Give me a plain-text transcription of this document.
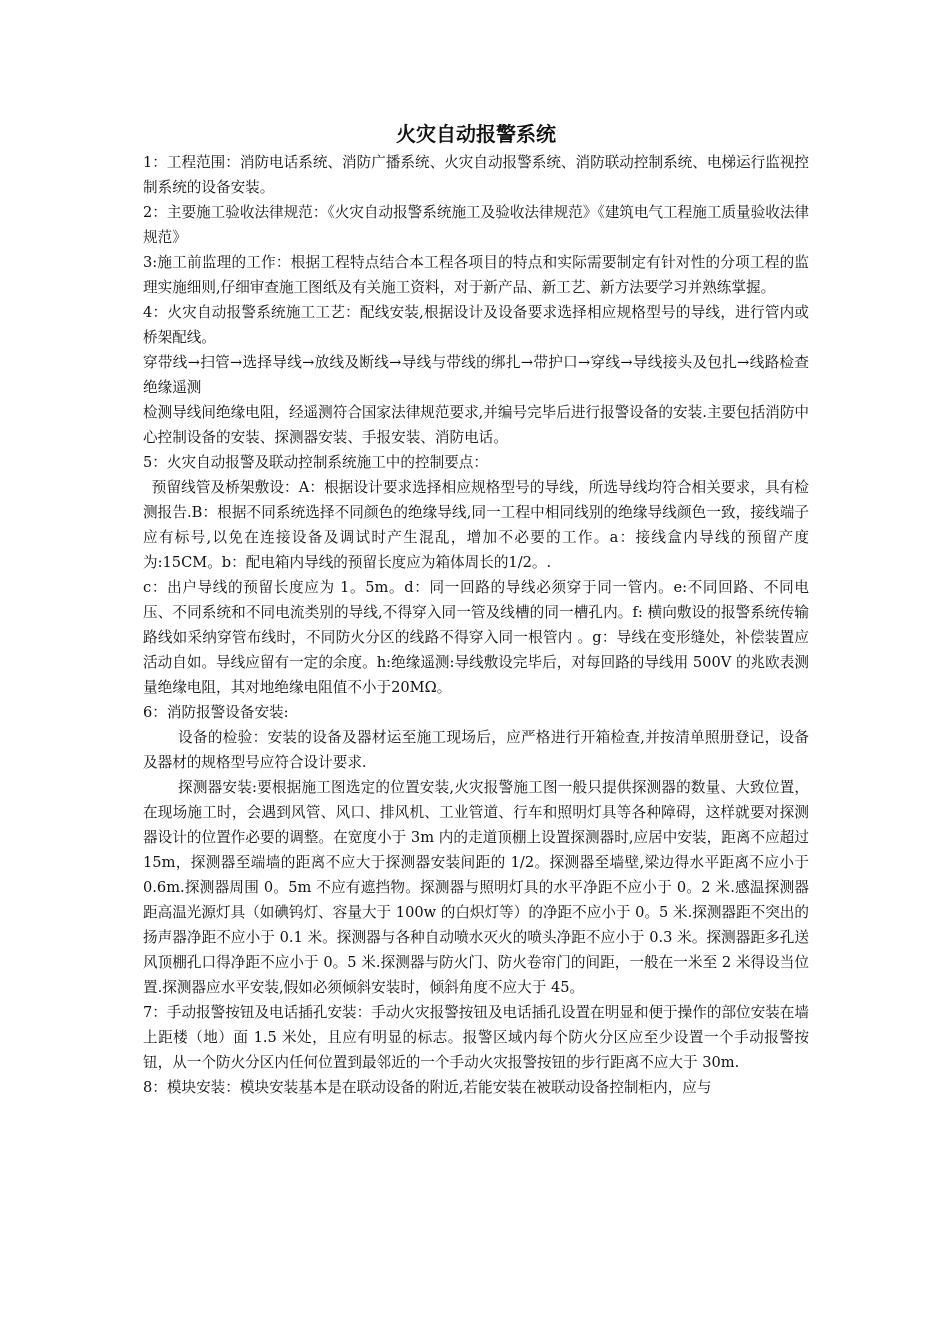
火灾自动报警系统

1：工程范围：消防电话系统、消防广播系统、火灾自动报警系统、消防联动控制系统、电梯运行监视控制系统的设备安装。

2：主要施工验收法律规范：《火灾自动报警系统施工及验收法律规范》《建筑电气工程施工质量验收法律规范》

3:施工前监理的工作：根据工程特点结合本工程各项目的特点和实际需要制定有针对性的分项工程的监理实施细则,仔细审查施工图纸及有关施工资料，对于新产品、新工艺、新方法要学习并熟练掌握。

4：火灾自动报警系统施工工艺：配线安装,根据设计及设备要求选择相应规格型号的导线，进行管内或桥架配线。

穿带线→扫管→选择导线→放线及断线→导线与带线的绑扎→带护口→穿线→导线接头及包扎→线路检查绝缘遥测

检测导线间绝缘电阻，经遥测符合国家法律规范要求,并编号完毕后进行报警设备的安装.主要包括消防中心控制设备的安装、探测器安装、手报安装、消防电话。

5：火灾自动报警及联动控制系统施工中的控制要点：

预留线管及桥架敷设：A：根据设计要求选择相应规格型号的导线，所选导线均符合相关要求，具有检测报告.B：根据不同系统选择不同颜色的绝缘导线,同一工程中相同线别的绝缘导线颜色一致，接线端子应有标号,以免在连接设备及调试时产生混乱，增加不必要的工作。a：接线盒内导线的预留产度为:15CM。b：配电箱内导线的预留长度应为箱体周长的1/2。.

c：出户导线的预留长度应为 1。5m。d：同一回路的导线必须穿于同一管内。e:不同回路、不同电压、不同系统和不同电流类别的导线,不得穿入同一管及线槽的同一槽孔内。f: 横向敷设的报警系统传输路线如采纳穿管布线时，不同防火分区的线路不得穿入同一根管内 。g：导线在变形缝处，补偿装置应活动自如。导线应留有一定的余度。h:绝缘遥测:导线敷设完毕后，对每回路的导线用 500V 的兆欧表测量绝缘电阻，其对地绝缘电阻值不小于20MΩ。

6：消防报警设备安装:

设备的检验：安装的设备及器材运至施工现场后，应严格进行开箱检查,并按清单照册登记，设备及器材的规格型号应符合设计要求.

探测器安装:要根据施工图选定的位置安装,火灾报警施工图一般只提供探测器的数量、大致位置，在现场施工时，会遇到风管、风口、排风机、工业管道、行车和照明灯具等各种障碍，这样就要对探测器设计的位置作必要的调整。在宽度小于 3m 内的走道顶棚上设置探测器时,应居中安装，距离不应超过 15m，探测器至端墙的距离不应大于探测器安装间距的 1/2。探测器至墙壁,梁边得水平距离不应小于 0.6m.探测器周围 0。5m 不应有遮挡物。探测器与照明灯具的水平净距不应小于 0。2 米.感温探测器距高温光源灯具（如碘钨灯、容量大于 100w 的白炽灯等）的净距不应小于 0。5 米.探测器距不突出的扬声器净距不应小于 0.1 米。探测器与各种自动喷水灭火的喷头净距不应小于 0.3 米。探测器距多孔送风顶棚孔口得净距不应小于 0。5 米.探测器与防火门、防火卷帘门的间距，一般在一米至 2 米得设当位置.探测器应水平安装,假如必须倾斜安装时，倾斜角度不应大于 45。

7：手动报警按钮及电话插孔安装：手动火灾报警按钮及电话插孔设置在明显和便于操作的部位安装在墙上距楼（地）面 1.5 米处，且应有明显的标志。报警区域内每个防火分区应至少设置一个手动报警按钮，从一个防火分区内任何位置到最邻近的一个手动火灾报警按钮的步行距离不应大于 30m.

8：模块安装：模块安装基本是在联动设备的附近,若能安装在被联动设备控制柜内，应与
